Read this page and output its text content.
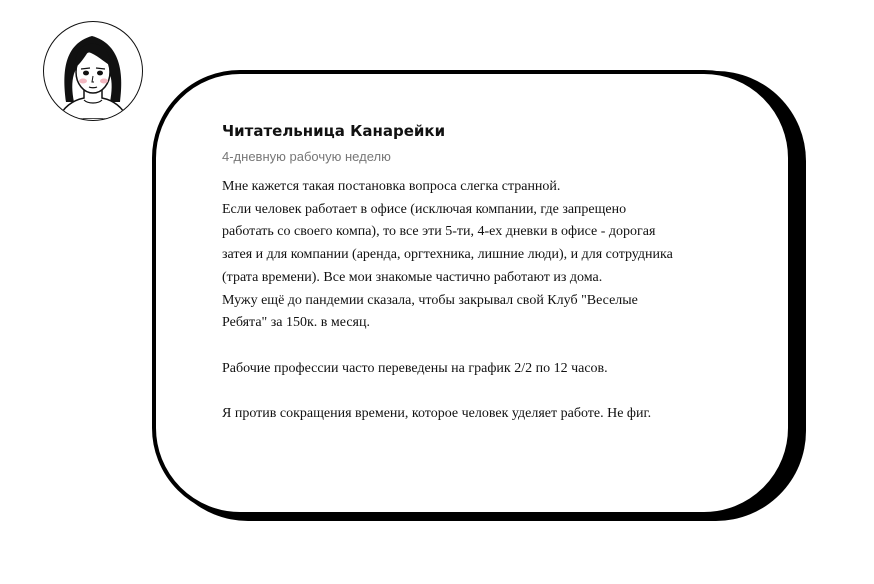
Читательница Канарейки
4-дневную рабочую неделю

Мне кажется такая постановка вопроса слегка странной.
Если человек работает в офисе (исключая компании, где запрещено
работать со своего компа), то все эти 5-ти, 4-ех дневки в офисе - дорогая
затея и для компании (аренда, оргтехника, лишние люди), и для сотрудника
(трата времени). Все мои знакомые частично работают из дома.
Мужу ещё до пандемии сказала, чтобы закрывал свой Клуб "Веселые
Ребята" за 150к. в месяц.

Рабочие профессии часто переведены на график 2/2 по 12 часов.

Я против сокращения времени, которое человек уделяет работе. Не фиг.
